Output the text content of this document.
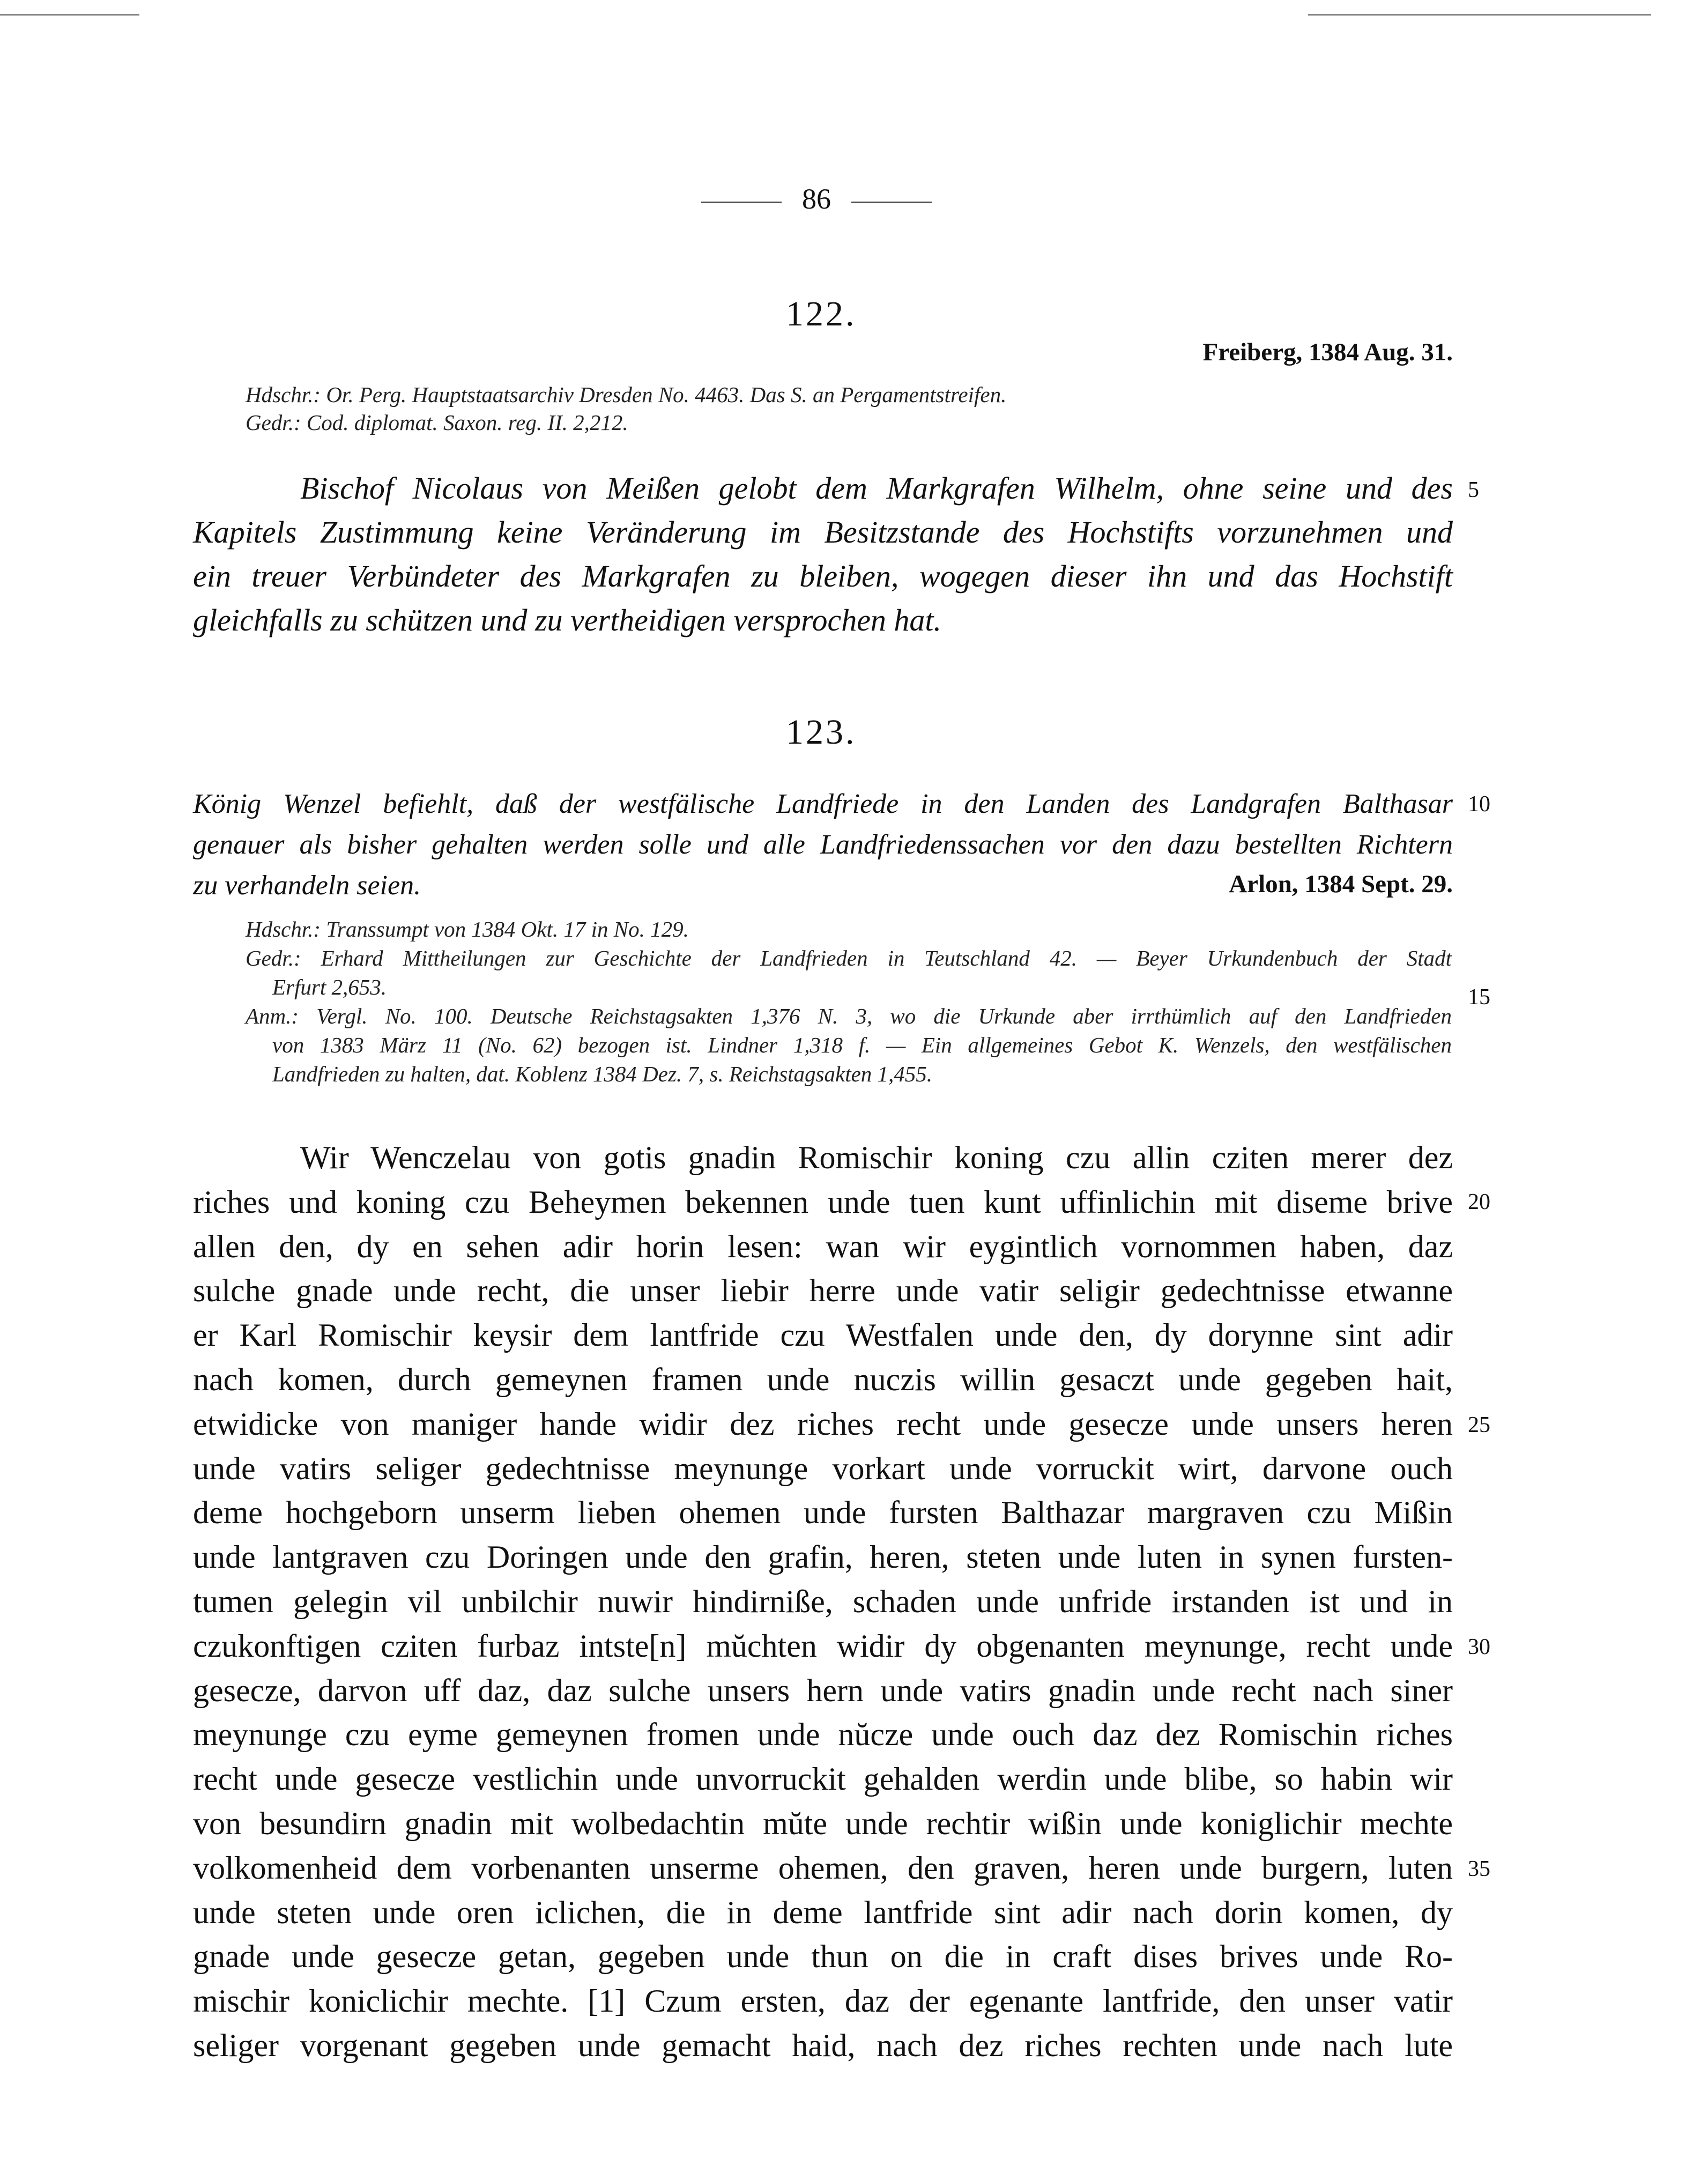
86
122.
Freiberg, 1384 Aug. 31.
Hdschr.: Or. Perg. Hauptstaatsarchiv Dresden No. 4463. Das S. an Pergamentstreifen.
Gedr.: Cod. diplomat. Saxon. reg. II. 2,212.
Bischof Nicolaus von Meißen gelobt dem Markgrafen Wilhelm, ohne seine und des
Kapitels Zustimmung keine Veränderung im Besitzstande des Hochstifts vorzunehmen und
ein treuer Verbündeter des Markgrafen zu bleiben, wogegen dieser ihn und das Hochstift
gleichfalls zu schützen und zu vertheidigen versprochen hat.
123.
König Wenzel befiehlt, daß der westfälische Landfriede in den Landen des Landgrafen Balthasar
genauer als bisher gehalten werden solle und alle Landfriedenssachen vor den dazu bestellten Richtern
zu verhandeln seien.	Arlon, 1384 Sept. 29.
Hdschr.: Transsumpt von 1384 Okt. 17 in No. 129.
Gedr.: Erhard Mittheilungen zur Geschichte der Landfrieden in Teutschland 42. — Beyer Urkundenbuch der Stadt
Erfurt 2,653.
Anm.: Vergl. No. 100. Deutsche Reichstagsakten 1,376 N. 3, wo die Urkunde aber irrthümlich auf den Landfrieden
von 1383 März 11 (No. 62) bezogen ist. Lindner 1,318 f. — Ein allgemeines Gebot K. Wenzels, den westfälischen
Landfrieden zu halten, dat. Koblenz 1384 Dez. 7, s. Reichstagsakten 1,455.
Wir Wenczelau von gotis gnadin Romischir koning czu allin cziten merer dez
riches und koning czu Beheymen bekennen unde tuen kunt uffinlichin mit diseme brive
allen den, dy en sehen adir horin lesen: wan wir eygintlich vornommen haben, daz
sulche gnade unde recht, die unser liebir herre unde vatir seligir gedechtnisse etwanne
er Karl Romischir keysir dem lantfride czu Westfalen unde den, dy dorynne sint adir
nach komen, durch gemeynen framen unde nuczis willin gesaczt unde gegeben hait,
etwidicke von maniger hande widir dez riches recht unde gesecze unde unsers heren
unde vatirs seliger gedechtnisse meynunge vorkart unde vorruckit wirt, darvone ouch
deme hochgeborn unserm lieben ohemen unde fursten Balthazar margraven czu Mißin
unde lantgraven czu Doringen unde den grafin, heren, steten unde luten in synen fursten-
tumen gelegin vil unbilchir nuwir hindirniße, schaden unde unfride irstanden ist und in
czukonftigen cziten furbaz intste[n] mŭchten widir dy obgenanten meynunge, recht unde
gesecze, darvon uff daz, daz sulche unsers hern unde vatirs gnadin unde recht nach siner
meynunge czu eyme gemeynen fromen unde nŭcze unde ouch daz dez Romischin riches
recht unde gesecze vestlichin unde unvorruckit gehalden werdin unde blibe, so habin wir
von besundirn gnadin mit wolbedachtin mŭte unde rechtir wißin unde koniglichir mechte
volkomenheid dem vorbenanten unserme ohemen, den graven, heren unde burgern, luten
unde steten unde oren iclichen, die in deme lantfride sint adir nach dorin komen, dy
gnade unde gesecze getan, gegeben unde thun on die in craft dises brives unde Ro-
mischir koniclichir mechte. [1] Czum ersten, daz der egenante lantfride, den unser vatir
seliger vorgenant gegeben unde gemacht haid, nach dez riches rechten unde nach lute
5
10
15
20
25
30
35
